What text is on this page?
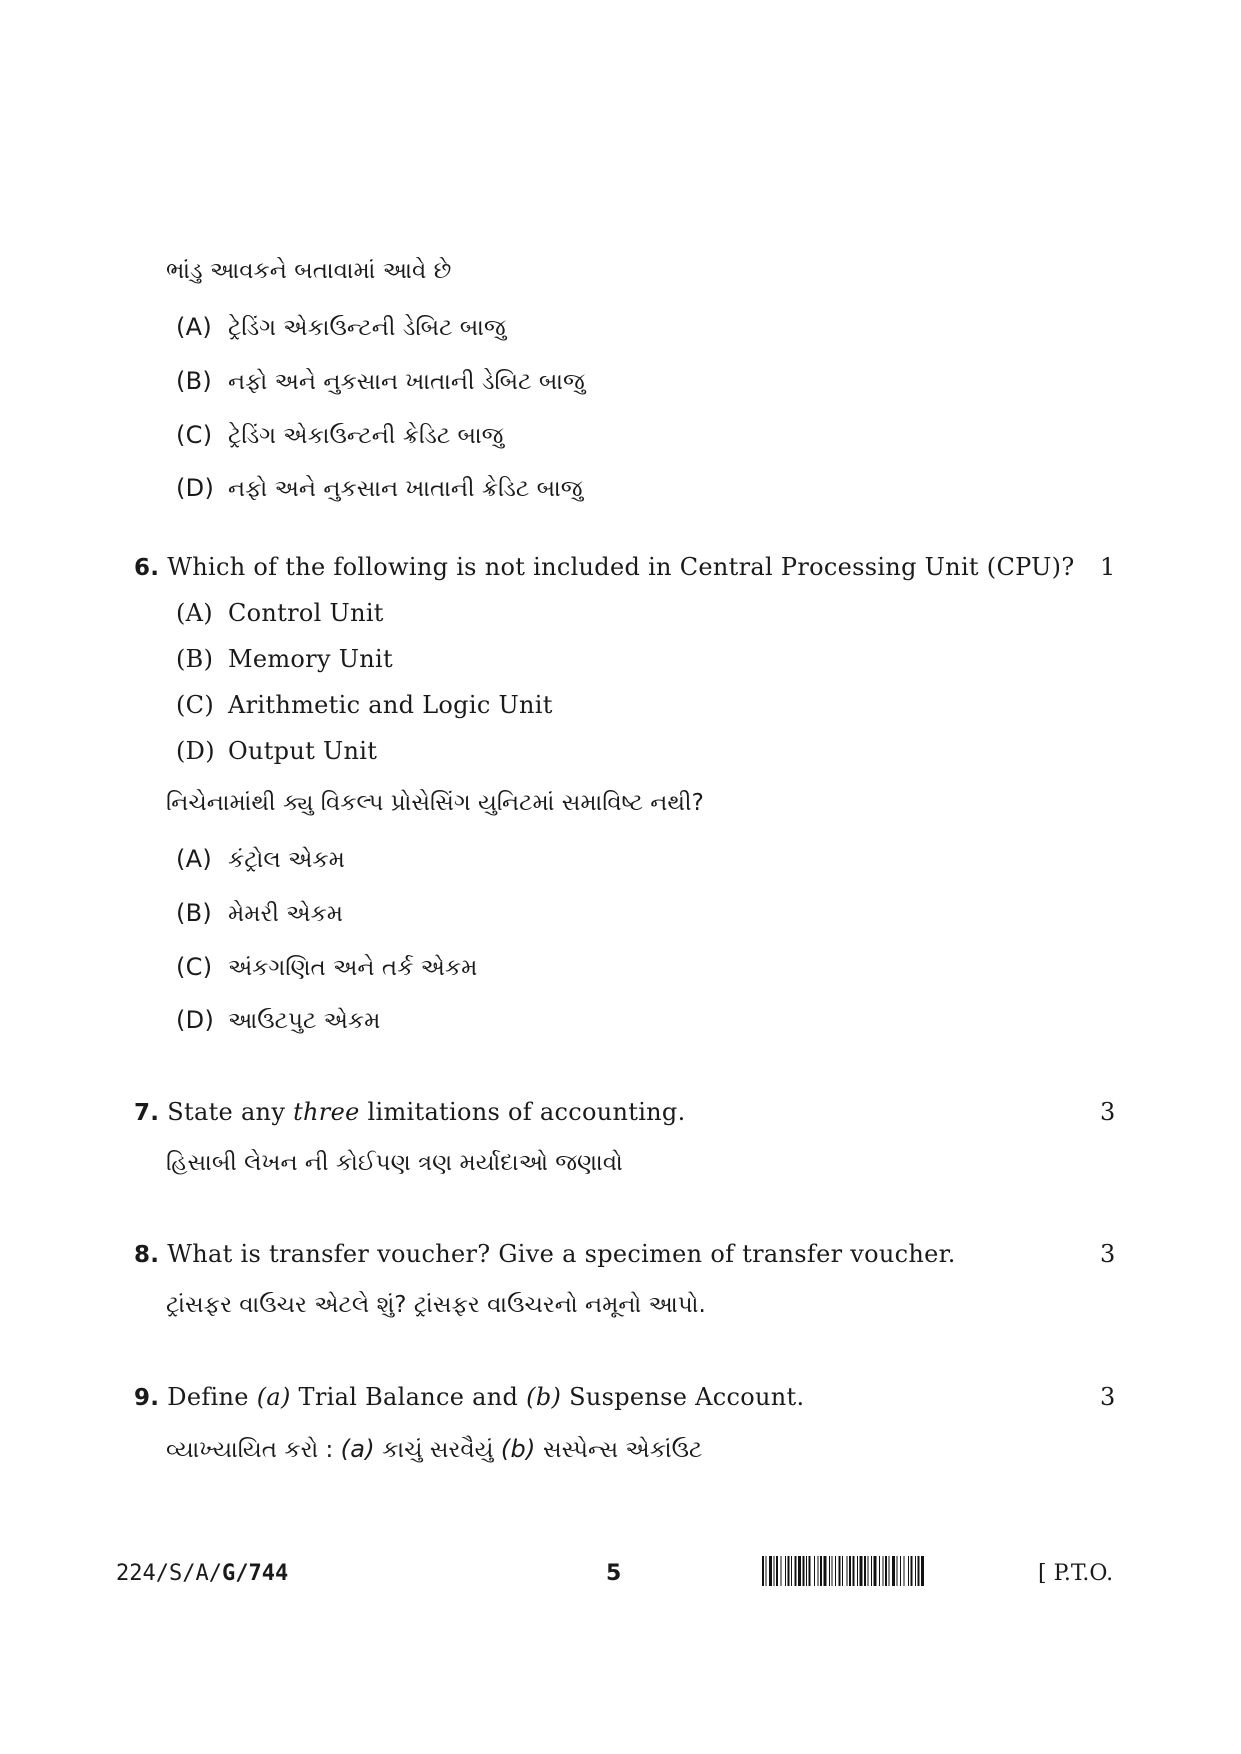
ભાંડુ આવકને બતાવામાં આવે છે
(A) ટ્રેડિંગ એકાઉન્ટની ડેબિટ બાજુ
(B) નફો અને નુકસાન ખાતાની ડેબિટ બાજુ
(C) ટ્રેડિંગ એકાઉન્ટની ક્રેડિટ બાજુ
(D) નફો અને નુકસાન ખાતાની ક્રેડિટ બાજુ
6. Which of the following is not included in Central Processing Unit (CPU)? 1
(A) Control Unit
(B) Memory Unit
(C) Arithmetic and Logic Unit
(D) Output Unit
નિચેનામાંથી ક્યુ વિકલ્પ પ્રોસેસિંગ યુનિટમાં સમાવિષ્ટ નથી?
(A) કંટ્રોલ એકમ
(B) મેમરી એકમ
(C) અંકગણિત અને તર્ક એકમ
(D) આઉટપુટ એકમ
7. State any three limitations of accounting.	3
હિસાબી લેખન ની કોઈપણ ત્રણ મર્યાદાઓ જણાવો
8. What is transfer voucher? Give a specimen of transfer voucher.	3
ટ્રાંસફર વાઉચર એટલે શું? ટ્રાંસફર વાઉચરનો નમૂનો આપો.
9. Define (a) Trial Balance and (b) Suspense Account.	3
વ્યાખ્યાયિત કરો : (a) કાચું સરવૈયું (b) સસ્પેન્સ એકાંઉટ
224/S/A/G/744	5	[ P.T.O.
